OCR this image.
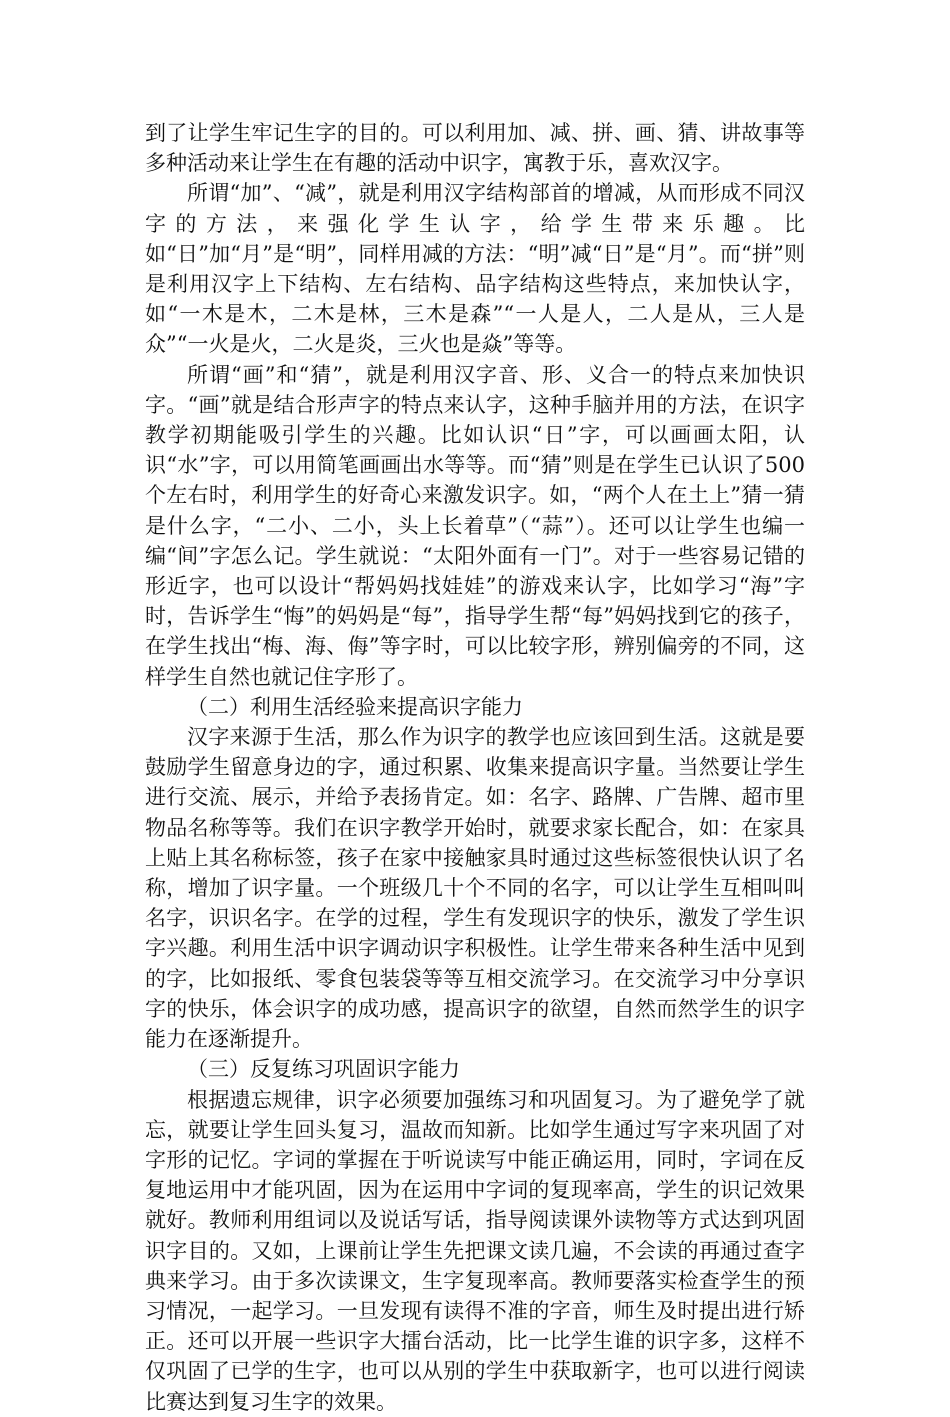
到了让学生牢记生字的目的。可以利用加、减、拼、画、猜、讲故事等多种活动来让学生在有趣的活动中识字，寓教于乐，喜欢汉字。

所谓“加”、“减”，就是利用汉字结构部首的增减，从而形成不同汉字的方法，来强化学生认字，给学生带来乐趣。比如“日”加“月”是“明”，同样用减的方法：“明”减“日”是“月”。而“拼”则是利用汉字上下结构、左右结构、品字结构这些特点，来加快认字，如“一木是木，二木是林，三木是森”“一人是人，二人是从，三人是众”“一火是火，二火是炎，三火也是焱”等等。

所谓“画”和“猜”，就是利用汉字音、形、义合一的特点来加快识字。“画”就是结合形声字的特点来认字，这种手脑并用的方法，在识字教学初期能吸引学生的兴趣。比如认识“日”字，可以画画太阳，认识“水”字，可以用简笔画画出水等等。而“猜”则是在学生已认识了500个左右时，利用学生的好奇心来激发识字。如，“两个人在土上”猜一猜是什么字，“二小、二小，头上长着草”（“蒜”）。还可以让学生也编一编“间”字怎么记。学生就说：“太阳外面有一门”。对于一些容易记错的形近字，也可以设计“帮妈妈找娃娃”的游戏来认字，比如学习“海”字时，告诉学生“悔”的妈妈是“每”，指导学生帮“每”妈妈找到它的孩子，在学生找出“梅、海、侮”等字时，可以比较字形，辨别偏旁的不同，这样学生自然也就记住字形了。

（二）利用生活经验来提高识字能力

汉字来源于生活，那么作为识字的教学也应该回到生活。这就是要鼓励学生留意身边的字，通过积累、收集来提高识字量。当然要让学生进行交流、展示，并给予表扬肯定。如：名字、路牌、广告牌、超市里物品名称等等。我们在识字教学开始时，就要求家长配合，如：在家具上贴上其名称标签，孩子在家中接触家具时通过这些标签很快认识了名称，增加了识字量。一个班级几十个不同的名字，可以让学生互相叫叫名字，识识名字。在学的过程，学生有发现识字的快乐，激发了学生识字兴趣。利用生活中识字调动识字积极性。让学生带来各种生活中见到的字，比如报纸、零食包装袋等等互相交流学习。在交流学习中分享识字的快乐，体会识字的成功感，提高识字的欲望，自然而然学生的识字能力在逐渐提升。

（三）反复练习巩固识字能力

根据遗忘规律，识字必须要加强练习和巩固复习。为了避免学了就忘，就要让学生回头复习，温故而知新。比如学生通过写字来巩固了对字形的记忆。字词的掌握在于听说读写中能正确运用，同时，字词在反复地运用中才能巩固，因为在运用中字词的复现率高，学生的识记效果就好。教师利用组词以及说话写话，指导阅读课外读物等方式达到巩固识字目的。又如，上课前让学生先把课文读几遍，不会读的再通过查字典来学习。由于多次读课文，生字复现率高。教师要落实检查学生的预习情况，一起学习。一旦发现有读得不准的字音，师生及时提出进行矫正。还可以开展一些识字大擂台活动，比一比学生谁的识字多，这样不仅巩固了已学的生字，也可以从别的学生中获取新字，也可以进行阅读比赛达到复习生字的效果。
